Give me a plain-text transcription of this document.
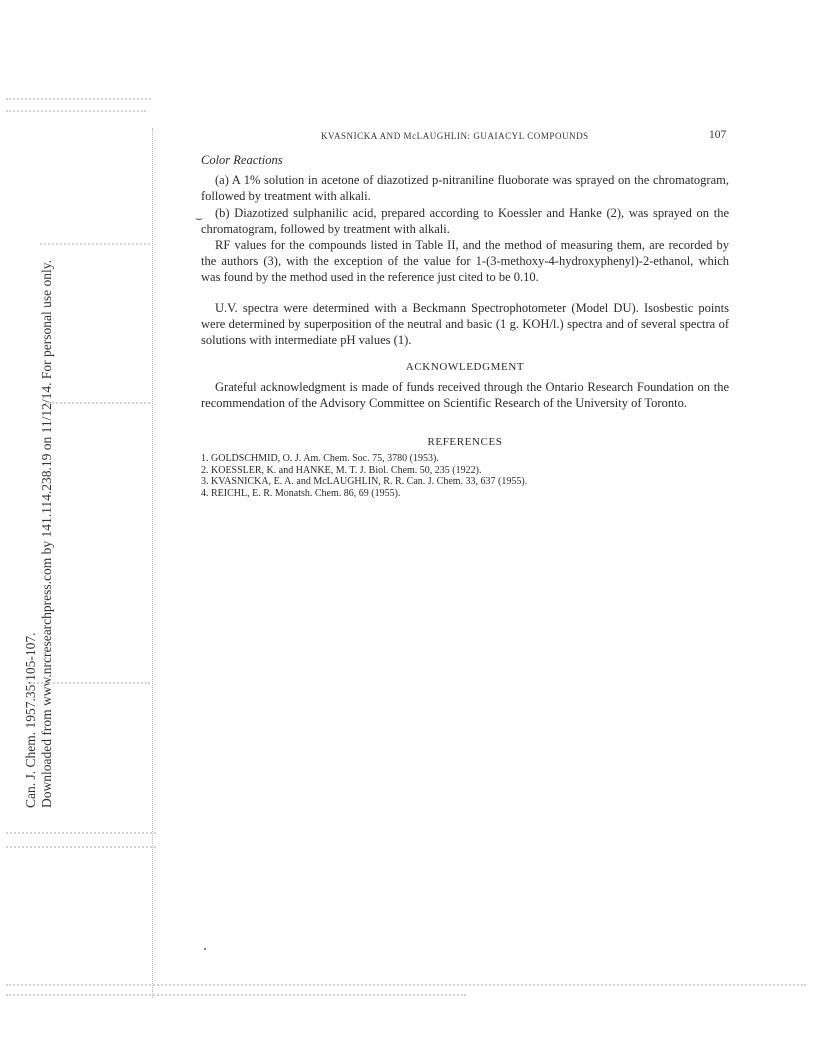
Can. J. Chem. 1957.35:105-107. Downloaded from www.nrcresearchpress.com by 141.114.238.19 on 11/12/14. For personal use only.
KVASNICKA AND McLAUGHLIN: GUAIACYL COMPOUNDS	107
Color Reactions
⌣

(a) A 1% solution in acetone of diazotized p-nitraniline fluoborate was sprayed on the chromatogram, followed by treatment with alkali.

(b) Diazotized sulphanilic acid, prepared according to Koessler and Hanke (2), was sprayed on the chromatogram, followed by treatment with alkali.

RF values for the compounds listed in Table II, and the method of measuring them, are recorded by the authors (3), with the exception of the value for 1-(3-methoxy-4-hydroxyphenyl)-2-ethanol, which was found by the method used in the reference just cited to be 0.10.

U.V. spectra were determined with a Beckmann Spectrophotometer (Model DU). Isosbestic points were determined by superposition of the neutral and basic (1 g. KOH/l.) spectra and of several spectra of solutions with intermediate pH values (1).

ACKNOWLEDGMENT

Grateful acknowledgment is made of funds received through the Ontario Research Foundation on the recommendation of the Advisory Committee on Scientific Research of the University of Toronto.

REFERENCES
1. GOLDSCHMID, O. J. Am. Chem. Soc. 75, 3780 (1953).
2. KOESSLER, K. and HANKE, M. T. J. Biol. Chem. 50, 235 (1922).
3. KVASNICKA, E. A. and McLAUGHLIN, R. R. Can. J. Chem. 33, 637 (1955).
4. REICHL, E. R. Monatsh. Chem. 86, 69 (1955).
